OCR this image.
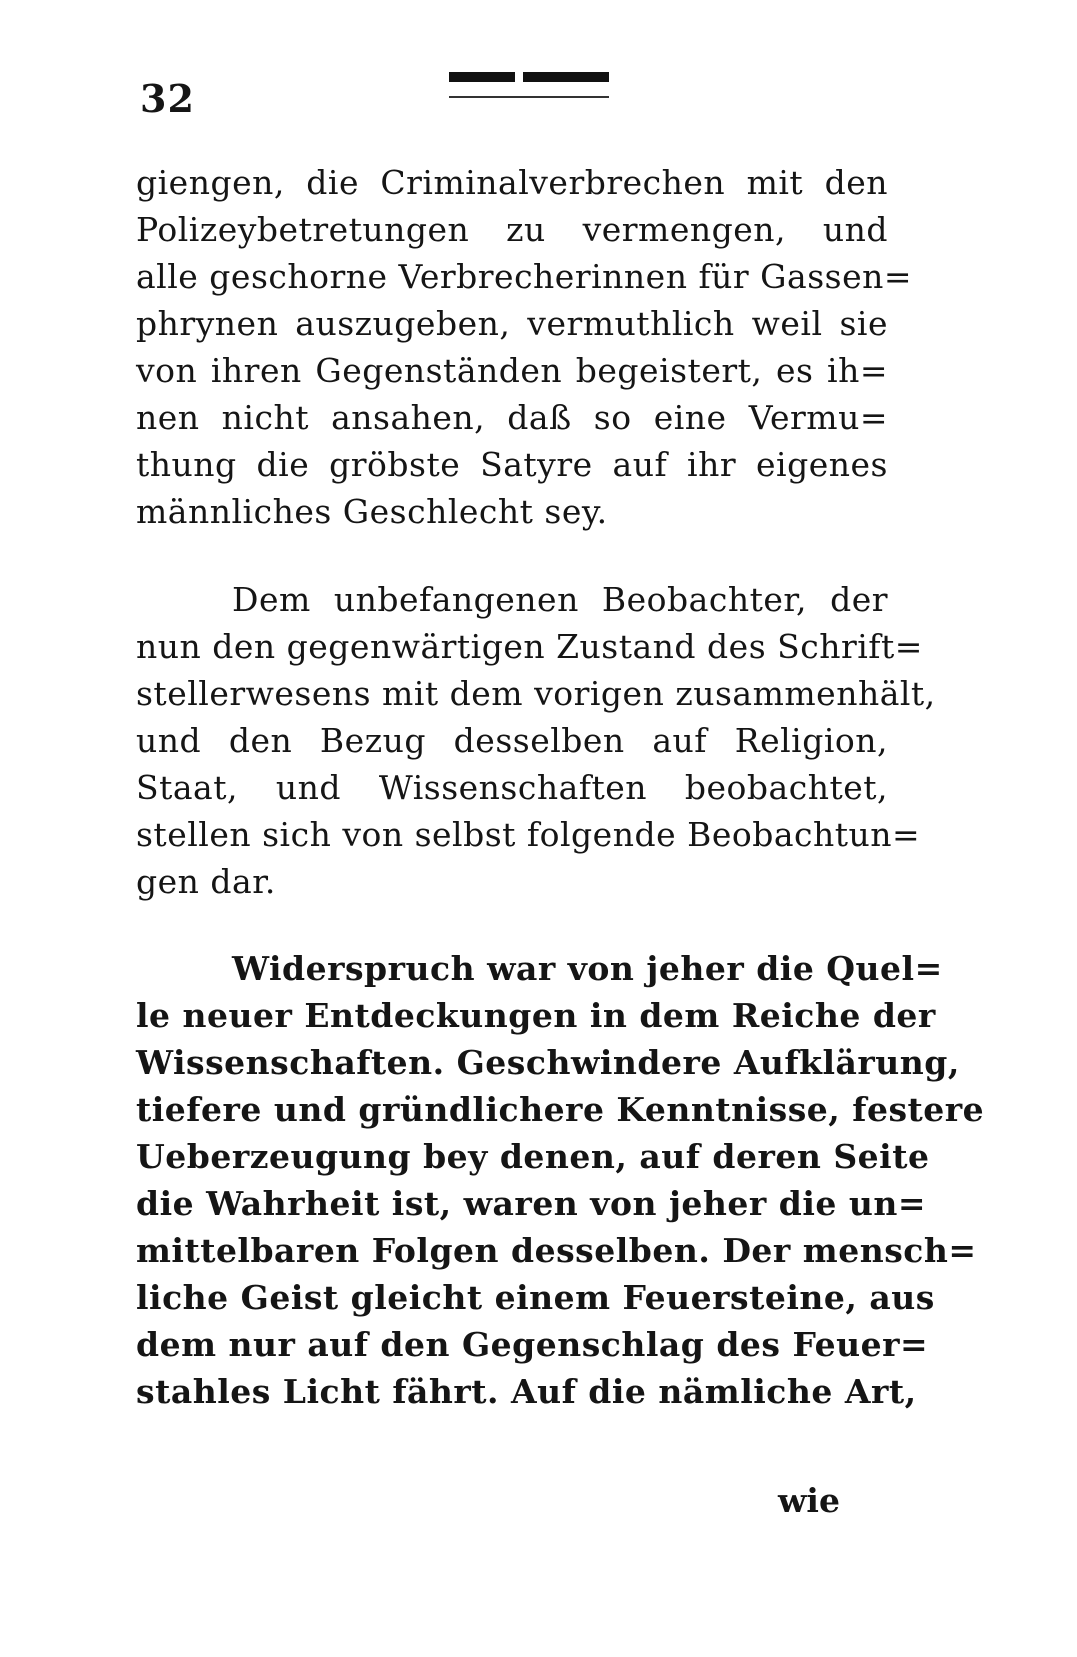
32
giengen, die Criminalverbrechen mit den
Polizeybetretungen zu vermengen, und
alle geschorne Verbrecherinnen für Gassen=
phrynen auszugeben, vermuthlich weil sie
von ihren Gegenständen begeistert, es ih=
nen nicht ansahen, daß so eine Vermu=
thung die gröbste Satyre auf ihr eigenes
männliches Geschlecht sey.
Dem unbefangenen Beobachter, der
nun den gegenwärtigen Zustand des Schrift=
stellerwesens mit dem vorigen zusammenhält,
und den Bezug desselben auf Religion,
Staat, und Wissenschaften beobachtet,
stellen sich von selbst folgende Beobachtun=
gen dar.
Widerspruch war von jeher die Quel=
le neuer Entdeckungen in dem Reiche der
Wissenschaften. Geschwindere Aufklärung,
tiefere und gründlichere Kenntnisse, festere
Ueberzeugung bey denen, auf deren Seite
die Wahrheit ist, waren von jeher die un=
mittelbaren Folgen desselben. Der mensch=
liche Geist gleicht einem Feuersteine, aus
dem nur auf den Gegenschlag des Feuer=
stahles Licht fährt. Auf die nämliche Art,
wie
